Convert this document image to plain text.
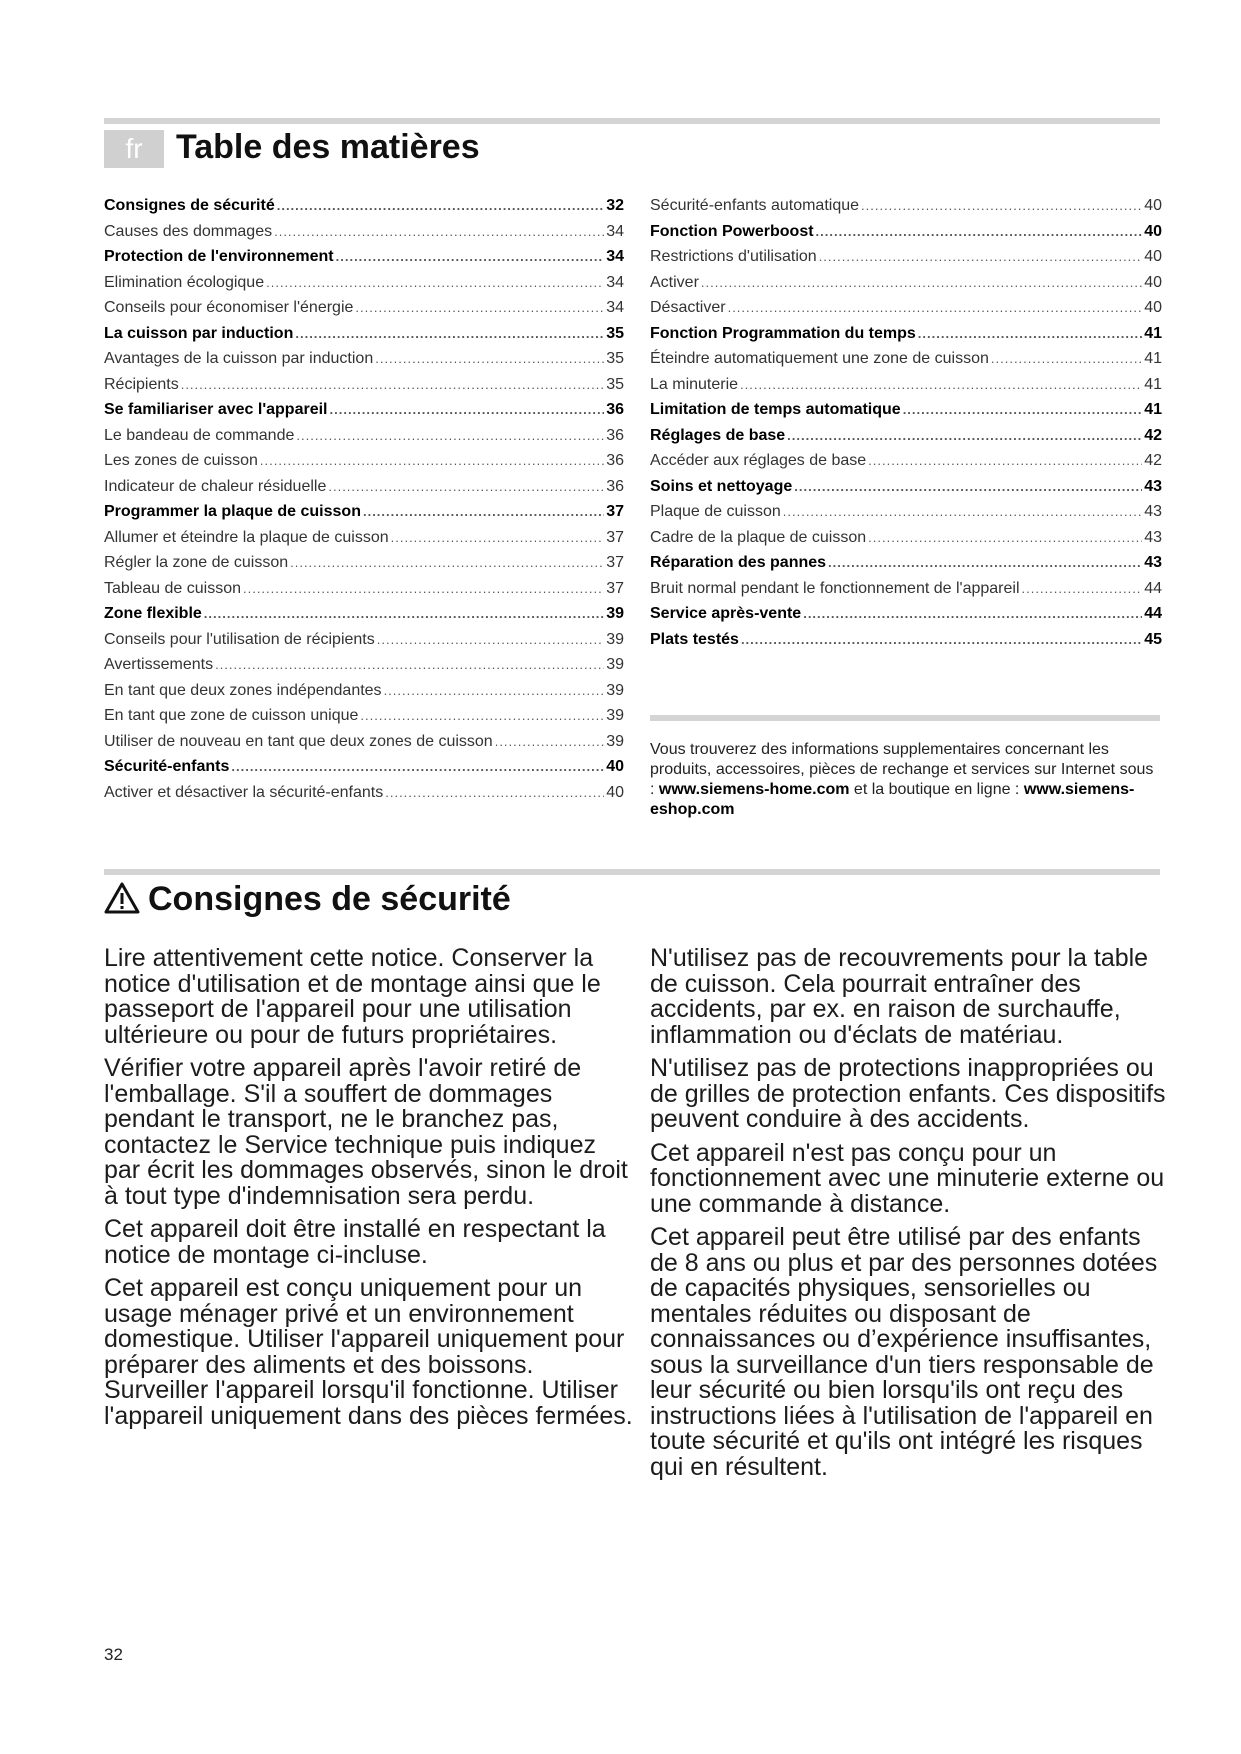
fr Table des matières
Consignes de sécurité .....	32
Causes des dommages .....	34
Protection de l'environnement .....	34
Elimination écologique .....	34
Conseils pour économiser l'énergie .....	34
La cuisson par induction .....	35
Avantages de la cuisson par induction .....	35
Récipients .....	35
Se familiariser avec l'appareil .....	36
Le bandeau de commande .....	36
Les zones de cuisson .....	36
Indicateur de chaleur résiduelle .....	36
Programmer la plaque de cuisson .....	37
Allumer et éteindre la plaque de cuisson .....	37
Régler la zone de cuisson .....	37
Tableau de cuisson .....	37
Zone flexible .....	39
Conseils pour l'utilisation de récipients .....	39
Avertissements .....	39
En tant que deux zones indépendantes .....	39
En tant que zone de cuisson unique .....	39
Utiliser de nouveau en tant que deux zones de cuisson .....	39
Sécurité-enfants .....	40
Activer et désactiver la sécurité-enfants .....	40
Sécurité-enfants automatique .....	40
Fonction Powerboost .....	40
Restrictions d'utilisation .....	40
Activer .....	40
Désactiver .....	40
Fonction Programmation du temps .....	41
Éteindre automatiquement une zone de cuisson .....	41
La minuterie .....	41
Limitation de temps automatique .....	41
Réglages de base .....	42
Accéder aux réglages de base .....	42
Soins et nettoyage .....	43
Plaque de cuisson .....	43
Cadre de la plaque de cuisson .....	43
Réparation des pannes .....	43
Bruit normal pendant le fonctionnement de l'appareil .....	44
Service après-vente .....	44
Plats testés .....	45
Vous trouverez des informations supplementaires concernant les produits, accessoires, pièces de rechange et services sur Internet sous : www.siemens-home.com et la boutique en ligne : www.siemens-eshop.com
Consignes de sécurité

Lire attentivement cette notice. Conserver la notice d'utilisation et de montage ainsi que le passeport de l'appareil pour une utilisation ultérieure ou pour de futurs propriétaires.

Vérifier votre appareil après l'avoir retiré de l'emballage. S'il a souffert de dommages pendant le transport, ne le branchez pas, contactez le Service technique puis indiquez par écrit les dommages observés, sinon le droit à tout type d'indemnisation sera perdu.

Cet appareil doit être installé en respectant la notice de montage ci-incluse.

Cet appareil est conçu uniquement pour un usage ménager privé et un environnement domestique. Utiliser l'appareil uniquement pour préparer des aliments et des boissons. Surveiller l'appareil lorsqu'il fonctionne. Utiliser l'appareil uniquement dans des pièces fermées.

N'utilisez pas de recouvrements pour la table de cuisson. Cela pourrait entraîner des accidents, par ex. en raison de surchauffe, inflammation ou d'éclats de matériau.

N'utilisez pas de protections inappropriées ou de grilles de protection enfants. Ces dispositifs peuvent conduire à des accidents.

Cet appareil n'est pas conçu pour un fonctionnement avec une minuterie externe ou une commande à distance.

Cet appareil peut être utilisé par des enfants de 8 ans ou plus et par des personnes dotées de capacités physiques, sensorielles ou mentales réduites ou disposant de connaissances ou d’expérience insuffisantes, sous la surveillance d'un tiers responsable de leur sécurité ou bien lorsqu'ils ont reçu des instructions liées à l'utilisation de l'appareil en toute sécurité et qu'ils ont intégré les risques qui en résultent.

32
